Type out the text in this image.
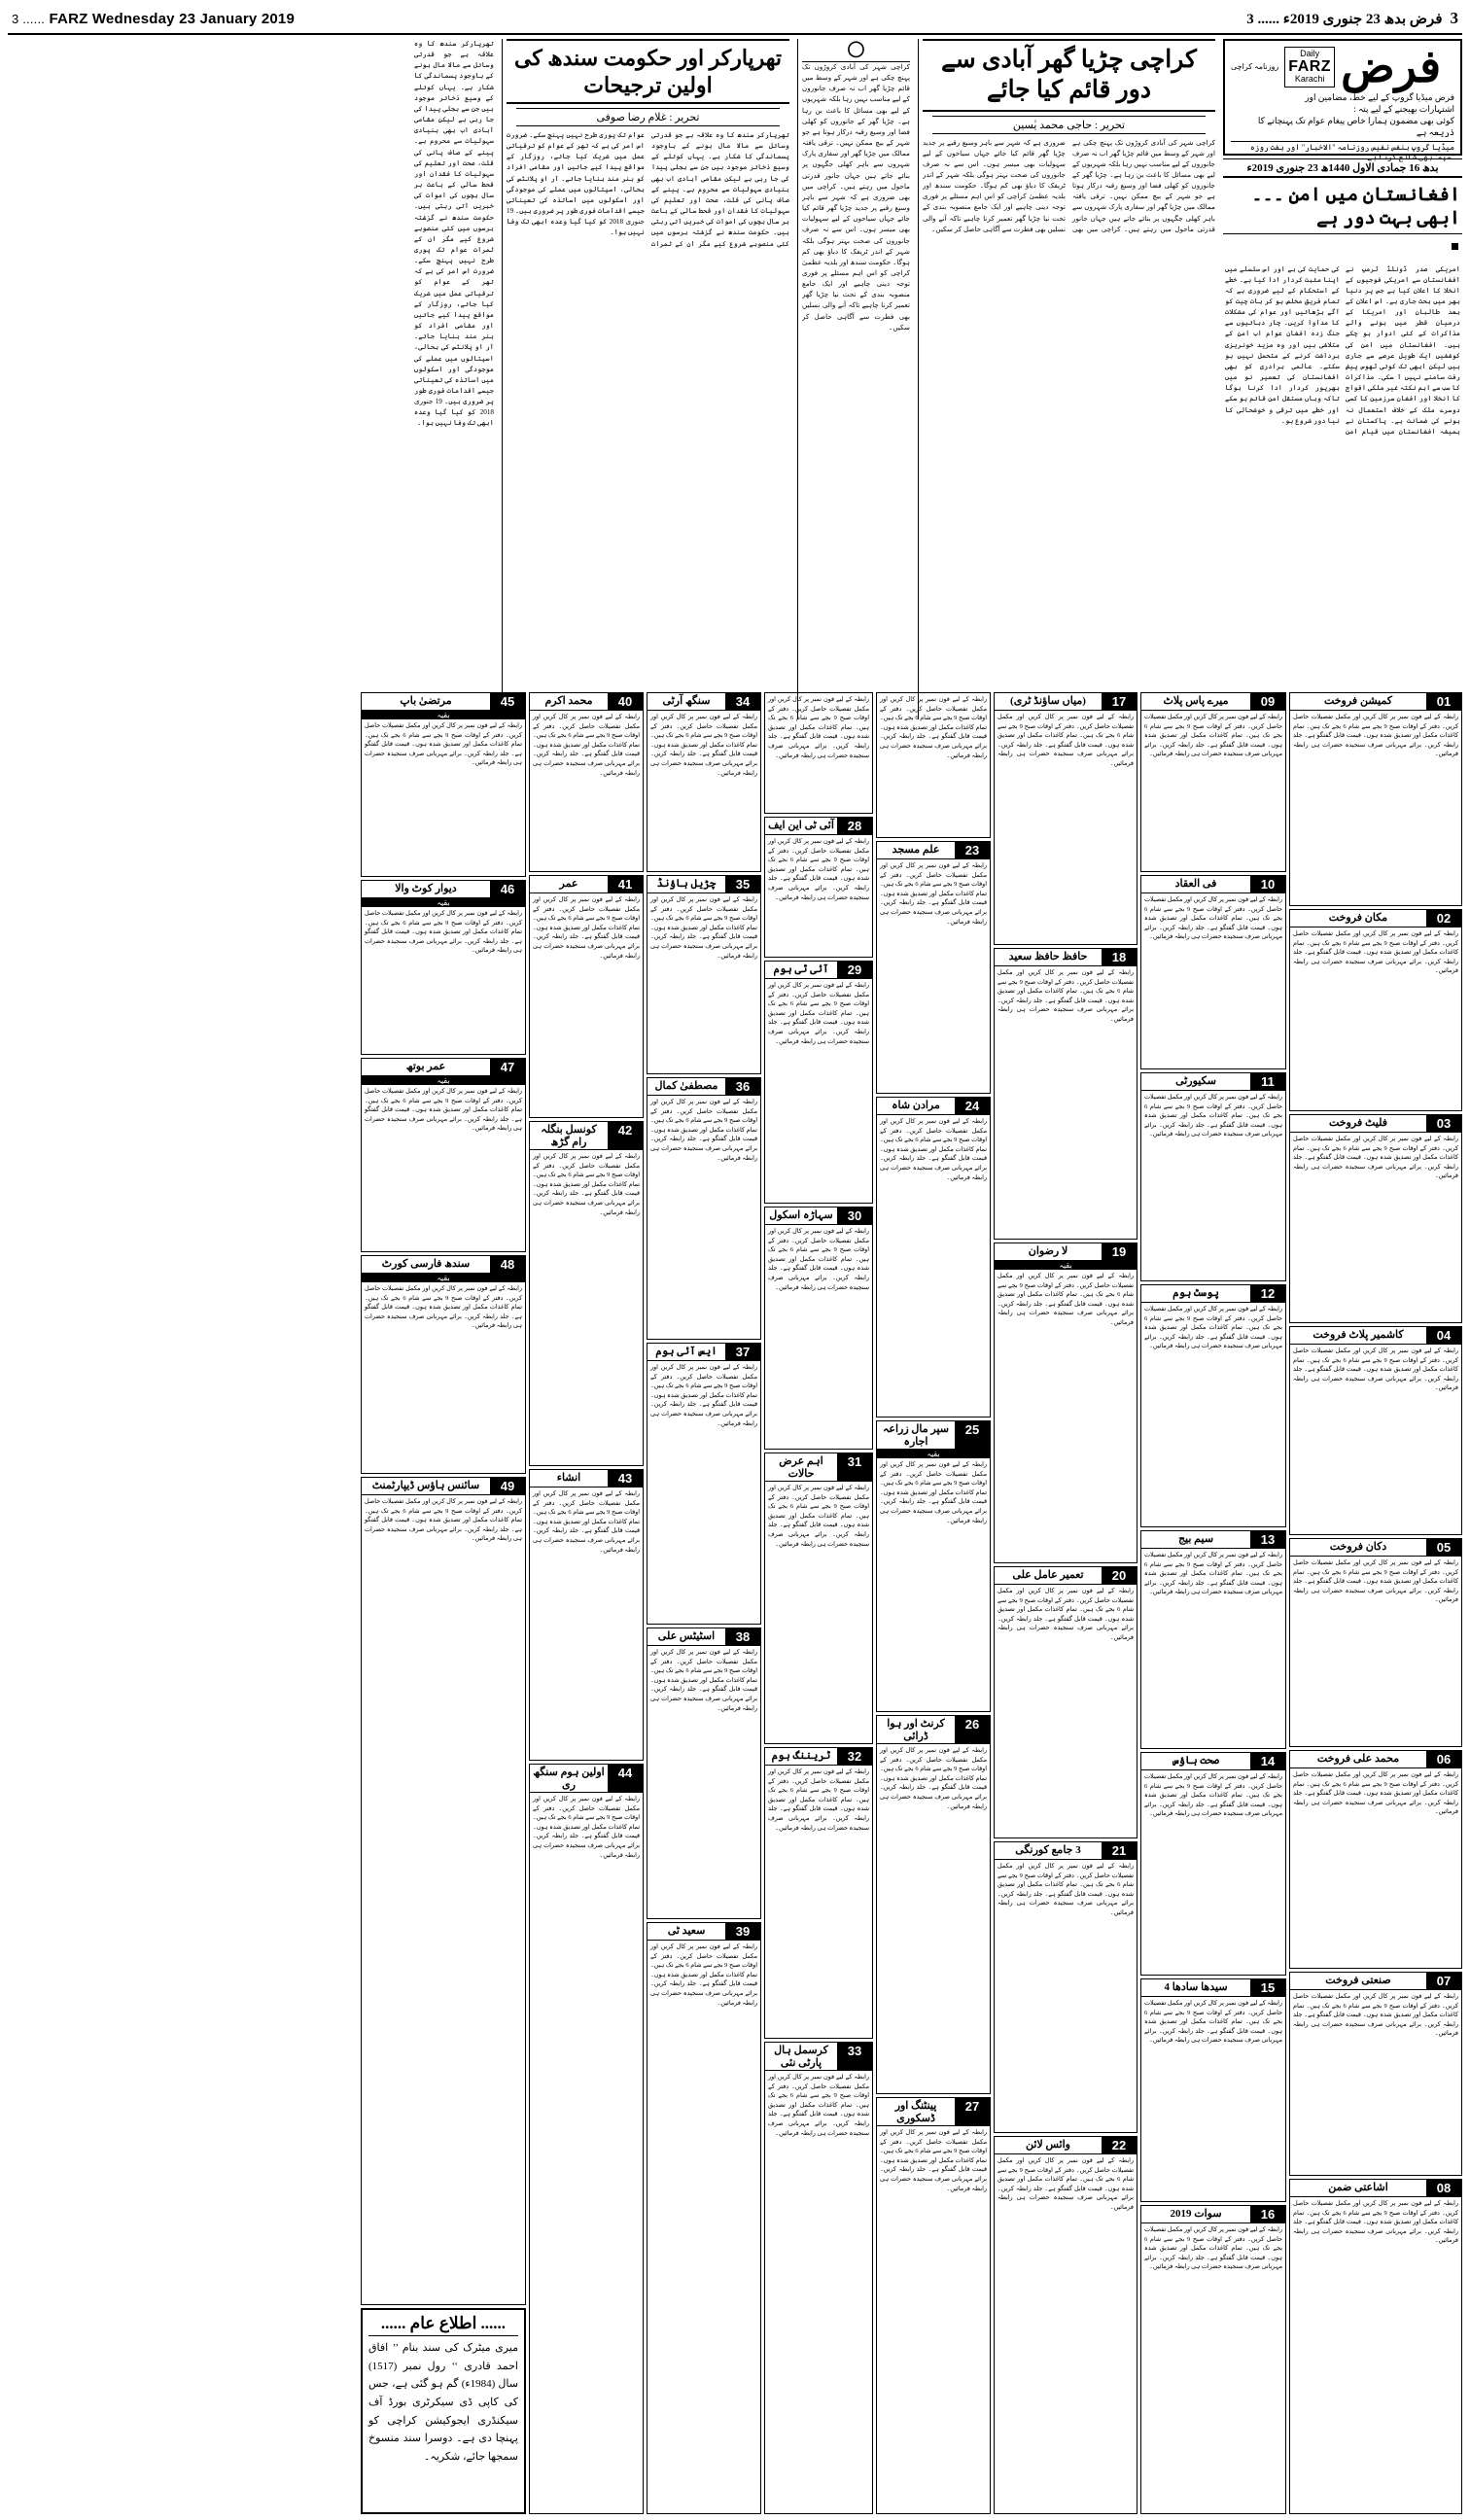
3 ...... FARZ Wednesday 23 January 2019	فرض بدھ 23 جنوری 2019ء ...... 3 3
فرض
Daily
FARZ
Karachi
روزنامہ کراچی
فرض میڈیا گروپ کے لیے خط، مضامین اور
اشتہارات بھیجنے کے لیے پتہ :
کوئی بھی مضمون ہمارا خاص پیغام عوام تک پہنچانے کا
ذریعہ ہے
میڈیا گروپ بنفس نفیس روزنامہ "الاخبار" اور ہفت روزہ "سپہ" بھی شائع کرتا ہے۔
بدھ 16 جمادی الاول 1440ھ 23 جنوری 2019ء
افغانستان میں امن ۔۔۔ ابھی بہت دور ہے
امریکی صدر ڈونلڈ ٹرمپ نے افغانستان سے امریکی فوجیوں کے انخلا کا اعلان کیا ہے جس پر دنیا بھر میں بحث جاری ہے۔ اس اعلان کے بعد طالبان اور امریکا کے درمیان قطر میں ہونے والے مذاکرات کے کئی ادوار ہو چکے ہیں۔ افغانستان میں امن کی کوششیں ایک طویل عرصے سے جاری ہیں لیکن ابھی تک کوئی ٹھوس پیش رفت سامنے نہیں آ سکی۔ مذاکرات کا سب سے اہم نکتہ غیر ملکی افواج کا انخلا اور افغان سرزمین کا کسی دوسرے ملک کے خلاف استعمال نہ ہونے کی ضمانت ہے۔ پاکستان نے ہمیشہ افغانستان میں قیام امن کی حمایت کی ہے اور اس سلسلے میں اپنا مثبت کردار ادا کیا ہے۔ خطے کے استحکام کے لیے ضروری ہے کہ تمام فریق مخلص ہو کر بات چیت کو آگے بڑھائیں اور عوام کی مشکلات کا مداوا کریں۔ چار دہائیوں سے جنگ زدہ افغان عوام اب امن کے متلاشی ہیں اور وہ مزید خونریزی برداشت کرنے کے متحمل نہیں ہو سکتے۔ عالمی برادری کو بھی افغانستان کی تعمیر نو میں بھرپور کردار ادا کرنا ہوگا تاکہ وہاں مستقل امن قائم ہو سکے اور خطے میں ترقی و خوشحالی کا نیا دور شروع ہو۔
کراچی چڑیا گھر آبادی سے دور قائم کیا جائے
تحریر : حاجی محمد یٰسین
کراچی شہر کی آبادی کروڑوں تک پہنچ چکی ہے اور شہر کے وسط میں قائم چڑیا گھر اب نہ صرف جانوروں کے لیے مناسب نہیں رہا بلکہ شہریوں کے لیے بھی مسائل کا باعث بن رہا ہے۔ چڑیا گھر کے جانوروں کو کھلی فضا اور وسیع رقبہ درکار ہوتا ہے جو شہر کے بیچ ممکن نہیں۔ ترقی یافتہ ممالک میں چڑیا گھر اور سفاری پارک شہروں سے باہر کھلی جگہوں پر بنائے جاتے ہیں جہاں جانور قدرتی ماحول میں رہتے ہیں۔ کراچی میں بھی ضروری ہے کہ شہر سے باہر وسیع رقبے پر جدید چڑیا گھر قائم کیا جائے جہاں سیاحوں کے لیے سہولیات بھی میسر ہوں۔ اس سے نہ صرف جانوروں کی صحت بہتر ہوگی بلکہ شہر کے اندر ٹریفک کا دباؤ بھی کم ہوگا۔ حکومت سندھ اور بلدیہ عظمیٰ کراچی کو اس اہم مسئلے پر فوری توجہ دینی چاہیے اور ایک جامع منصوبہ بندی کے تحت نیا چڑیا گھر تعمیر کرنا چاہیے تاکہ آنے والی نسلیں بھی فطرت سے آگاہی حاصل کر سکیں۔
◯
کراچی شہر کی آبادی کروڑوں تک پہنچ چکی ہے اور شہر کے وسط میں قائم چڑیا گھر اب نہ صرف جانوروں کے لیے مناسب نہیں رہا بلکہ شہریوں کے لیے بھی مسائل کا باعث بن رہا ہے۔ چڑیا گھر کے جانوروں کو کھلی فضا اور وسیع رقبہ درکار ہوتا ہے جو شہر کے بیچ ممکن نہیں۔ ترقی یافتہ ممالک میں چڑیا گھر اور سفاری پارک شہروں سے باہر کھلی جگہوں پر بنائے جاتے ہیں جہاں جانور قدرتی ماحول میں رہتے ہیں۔ کراچی میں بھی ضروری ہے کہ شہر سے باہر وسیع رقبے پر جدید چڑیا گھر قائم کیا جائے جہاں سیاحوں کے لیے سہولیات بھی میسر ہوں۔ اس سے نہ صرف جانوروں کی صحت بہتر ہوگی بلکہ شہر کے اندر ٹریفک کا دباؤ بھی کم ہوگا۔ حکومت سندھ اور بلدیہ عظمیٰ کراچی کو اس اہم مسئلے پر فوری توجہ دینی چاہیے اور ایک جامع منصوبہ بندی کے تحت نیا چڑیا گھر تعمیر کرنا چاہیے تاکہ آنے والی نسلیں بھی فطرت سے آگاہی حاصل کر سکیں۔
تھرپارکر اور حکومت سندھ کی اولین ترجیحات
تحریر : غلام رضا صوفی
تھرپارکر سندھ کا وہ علاقہ ہے جو قدرتی وسائل سے مالا مال ہونے کے باوجود پسماندگی کا شکار ہے۔ یہاں کوئلے کے وسیع ذخائر موجود ہیں جن سے بجلی پیدا کی جا رہی ہے لیکن مقامی آبادی اب بھی بنیادی سہولیات سے محروم ہے۔ پینے کے صاف پانی کی قلت، صحت اور تعلیم کی سہولیات کا فقدان اور قحط سالی کے باعث ہر سال بچوں کی اموات کی خبریں آتی رہتی ہیں۔ حکومت سندھ نے گزشتہ برسوں میں کئی منصوبے شروع کیے مگر ان کے ثمرات عوام تک پوری طرح نہیں پہنچ سکے۔ ضرورت اس امر کی ہے کہ تھر کے عوام کو ترقیاتی عمل میں شریک کیا جائے، روزگار کے مواقع پیدا کیے جائیں اور مقامی افراد کو ہنر مند بنایا جائے۔ آر او پلانٹس کی بحالی، اسپتالوں میں عملے کی موجودگی اور اسکولوں میں اساتذہ کی تعیناتی جیسے اقدامات فوری طور پر ضروری ہیں۔ 19 جنوری 2018 کو کیا گیا وعدہ ابھی تک وفا نہیں ہوا۔
تھرپارکر سندھ کا وہ علاقہ ہے جو قدرتی وسائل سے مالا مال ہونے کے باوجود پسماندگی کا شکار ہے۔ یہاں کوئلے کے وسیع ذخائر موجود ہیں جن سے بجلی پیدا کی جا رہی ہے لیکن مقامی آبادی اب بھی بنیادی سہولیات سے محروم ہے۔ پینے کے صاف پانی کی قلت، صحت اور تعلیم کی سہولیات کا فقدان اور قحط سالی کے باعث ہر سال بچوں کی اموات کی خبریں آتی رہتی ہیں۔ حکومت سندھ نے گزشتہ برسوں میں کئی منصوبے شروع کیے مگر ان کے ثمرات عوام تک پوری طرح نہیں پہنچ سکے۔ ضرورت اس امر کی ہے کہ تھر کے عوام کو ترقیاتی عمل میں شریک کیا جائے، روزگار کے مواقع پیدا کیے جائیں اور مقامی افراد کو ہنر مند بنایا جائے۔ آر او پلانٹس کی بحالی، اسپتالوں میں عملے کی موجودگی اور اسکولوں میں اساتذہ کی تعیناتی جیسے اقدامات فوری طور پر ضروری ہیں۔ 19 جنوری 2018 کو کیا گیا وعدہ ابھی تک وفا نہیں ہوا۔
01
کمیشن فروخت
رابطہ کے لیے فون نمبر پر کال کریں اور مکمل تفصیلات حاصل کریں۔ دفتر کے اوقات صبح 9 بجے سے شام 6 بجے تک ہیں۔ تمام کاغذات مکمل اور تصدیق شدہ ہوں۔ قیمت قابل گفتگو ہے۔ جلد رابطہ کریں۔ برائے مہربانی صرف سنجیدہ حضرات ہی رابطہ فرمائیں۔
02
مکان فروخت
رابطہ کے لیے فون نمبر پر کال کریں اور مکمل تفصیلات حاصل کریں۔ دفتر کے اوقات صبح 9 بجے سے شام 6 بجے تک ہیں۔ تمام کاغذات مکمل اور تصدیق شدہ ہوں۔ قیمت قابل گفتگو ہے۔ جلد رابطہ کریں۔ برائے مہربانی صرف سنجیدہ حضرات ہی رابطہ فرمائیں۔
03
فلیٹ فروخت
رابطہ کے لیے فون نمبر پر کال کریں اور مکمل تفصیلات حاصل کریں۔ دفتر کے اوقات صبح 9 بجے سے شام 6 بجے تک ہیں۔ تمام کاغذات مکمل اور تصدیق شدہ ہوں۔ قیمت قابل گفتگو ہے۔ جلد رابطہ کریں۔ برائے مہربانی صرف سنجیدہ حضرات ہی رابطہ فرمائیں۔
04
کاشمیر پلاٹ فروخت
رابطہ کے لیے فون نمبر پر کال کریں اور مکمل تفصیلات حاصل کریں۔ دفتر کے اوقات صبح 9 بجے سے شام 6 بجے تک ہیں۔ تمام کاغذات مکمل اور تصدیق شدہ ہوں۔ قیمت قابل گفتگو ہے۔ جلد رابطہ کریں۔ برائے مہربانی صرف سنجیدہ حضرات ہی رابطہ فرمائیں۔
05
دکان فروخت
رابطہ کے لیے فون نمبر پر کال کریں اور مکمل تفصیلات حاصل کریں۔ دفتر کے اوقات صبح 9 بجے سے شام 6 بجے تک ہیں۔ تمام کاغذات مکمل اور تصدیق شدہ ہوں۔ قیمت قابل گفتگو ہے۔ جلد رابطہ کریں۔ برائے مہربانی صرف سنجیدہ حضرات ہی رابطہ فرمائیں۔
06
محمد علی فروخت
رابطہ کے لیے فون نمبر پر کال کریں اور مکمل تفصیلات حاصل کریں۔ دفتر کے اوقات صبح 9 بجے سے شام 6 بجے تک ہیں۔ تمام کاغذات مکمل اور تصدیق شدہ ہوں۔ قیمت قابل گفتگو ہے۔ جلد رابطہ کریں۔ برائے مہربانی صرف سنجیدہ حضرات ہی رابطہ فرمائیں۔
07
صنعتی فروخت
رابطہ کے لیے فون نمبر پر کال کریں اور مکمل تفصیلات حاصل کریں۔ دفتر کے اوقات صبح 9 بجے سے شام 6 بجے تک ہیں۔ تمام کاغذات مکمل اور تصدیق شدہ ہوں۔ قیمت قابل گفتگو ہے۔ جلد رابطہ کریں۔ برائے مہربانی صرف سنجیدہ حضرات ہی رابطہ فرمائیں۔
08
اشاعتی ضمن
رابطہ کے لیے فون نمبر پر کال کریں اور مکمل تفصیلات حاصل کریں۔ دفتر کے اوقات صبح 9 بجے سے شام 6 بجے تک ہیں۔ تمام کاغذات مکمل اور تصدیق شدہ ہوں۔ قیمت قابل گفتگو ہے۔ جلد رابطہ کریں۔ برائے مہربانی صرف سنجیدہ حضرات ہی رابطہ فرمائیں۔
09
میرے پاس پلاٹ
رابطہ کے لیے فون نمبر پر کال کریں اور مکمل تفصیلات حاصل کریں۔ دفتر کے اوقات صبح 9 بجے سے شام 6 بجے تک ہیں۔ تمام کاغذات مکمل اور تصدیق شدہ ہوں۔ قیمت قابل گفتگو ہے۔ جلد رابطہ کریں۔ برائے مہربانی صرف سنجیدہ حضرات ہی رابطہ فرمائیں۔
10
فی العقاد
رابطہ کے لیے فون نمبر پر کال کریں اور مکمل تفصیلات حاصل کریں۔ دفتر کے اوقات صبح 9 بجے سے شام 6 بجے تک ہیں۔ تمام کاغذات مکمل اور تصدیق شدہ ہوں۔ قیمت قابل گفتگو ہے۔ جلد رابطہ کریں۔ برائے مہربانی صرف سنجیدہ حضرات ہی رابطہ فرمائیں۔
11
سکیورٹی
رابطہ کے لیے فون نمبر پر کال کریں اور مکمل تفصیلات حاصل کریں۔ دفتر کے اوقات صبح 9 بجے سے شام 6 بجے تک ہیں۔ تمام کاغذات مکمل اور تصدیق شدہ ہوں۔ قیمت قابل گفتگو ہے۔ جلد رابطہ کریں۔ برائے مہربانی صرف سنجیدہ حضرات ہی رابطہ فرمائیں۔
12
پوسٹ ہوم
رابطہ کے لیے فون نمبر پر کال کریں اور مکمل تفصیلات حاصل کریں۔ دفتر کے اوقات صبح 9 بجے سے شام 6 بجے تک ہیں۔ تمام کاغذات مکمل اور تصدیق شدہ ہوں۔ قیمت قابل گفتگو ہے۔ جلد رابطہ کریں۔ برائے مہربانی صرف سنجیدہ حضرات ہی رابطہ فرمائیں۔
13
سیم بیج
رابطہ کے لیے فون نمبر پر کال کریں اور مکمل تفصیلات حاصل کریں۔ دفتر کے اوقات صبح 9 بجے سے شام 6 بجے تک ہیں۔ تمام کاغذات مکمل اور تصدیق شدہ ہوں۔ قیمت قابل گفتگو ہے۔ جلد رابطہ کریں۔ برائے مہربانی صرف سنجیدہ حضرات ہی رابطہ فرمائیں۔
14
صحت ہاؤس
رابطہ کے لیے فون نمبر پر کال کریں اور مکمل تفصیلات حاصل کریں۔ دفتر کے اوقات صبح 9 بجے سے شام 6 بجے تک ہیں۔ تمام کاغذات مکمل اور تصدیق شدہ ہوں۔ قیمت قابل گفتگو ہے۔ جلد رابطہ کریں۔ برائے مہربانی صرف سنجیدہ حضرات ہی رابطہ فرمائیں۔
15
سیدھا سادھا 4
رابطہ کے لیے فون نمبر پر کال کریں اور مکمل تفصیلات حاصل کریں۔ دفتر کے اوقات صبح 9 بجے سے شام 6 بجے تک ہیں۔ تمام کاغذات مکمل اور تصدیق شدہ ہوں۔ قیمت قابل گفتگو ہے۔ جلد رابطہ کریں۔ برائے مہربانی صرف سنجیدہ حضرات ہی رابطہ فرمائیں۔
16
سوات 2019
رابطہ کے لیے فون نمبر پر کال کریں اور مکمل تفصیلات حاصل کریں۔ دفتر کے اوقات صبح 9 بجے سے شام 6 بجے تک ہیں۔ تمام کاغذات مکمل اور تصدیق شدہ ہوں۔ قیمت قابل گفتگو ہے۔ جلد رابطہ کریں۔ برائے مہربانی صرف سنجیدہ حضرات ہی رابطہ فرمائیں۔
17
(میاں ساؤنڈ ٹری)
رابطہ کے لیے فون نمبر پر کال کریں اور مکمل تفصیلات حاصل کریں۔ دفتر کے اوقات صبح 9 بجے سے شام 6 بجے تک ہیں۔ تمام کاغذات مکمل اور تصدیق شدہ ہوں۔ قیمت قابل گفتگو ہے۔ جلد رابطہ کریں۔ برائے مہربانی صرف سنجیدہ حضرات ہی رابطہ فرمائیں۔
18
حافظ حافظ سعید
رابطہ کے لیے فون نمبر پر کال کریں اور مکمل تفصیلات حاصل کریں۔ دفتر کے اوقات صبح 9 بجے سے شام 6 بجے تک ہیں۔ تمام کاغذات مکمل اور تصدیق شدہ ہوں۔ قیمت قابل گفتگو ہے۔ جلد رابطہ کریں۔ برائے مہربانی صرف سنجیدہ حضرات ہی رابطہ فرمائیں۔
19
لا رضوان
بقیہ
رابطہ کے لیے فون نمبر پر کال کریں اور مکمل تفصیلات حاصل کریں۔ دفتر کے اوقات صبح 9 بجے سے شام 6 بجے تک ہیں۔ تمام کاغذات مکمل اور تصدیق شدہ ہوں۔ قیمت قابل گفتگو ہے۔ جلد رابطہ کریں۔ برائے مہربانی صرف سنجیدہ حضرات ہی رابطہ فرمائیں۔
20
تعمیر عامل علی
رابطہ کے لیے فون نمبر پر کال کریں اور مکمل تفصیلات حاصل کریں۔ دفتر کے اوقات صبح 9 بجے سے شام 6 بجے تک ہیں۔ تمام کاغذات مکمل اور تصدیق شدہ ہوں۔ قیمت قابل گفتگو ہے۔ جلد رابطہ کریں۔ برائے مہربانی صرف سنجیدہ حضرات ہی رابطہ فرمائیں۔
21
3 جامع کورنگی
رابطہ کے لیے فون نمبر پر کال کریں اور مکمل تفصیلات حاصل کریں۔ دفتر کے اوقات صبح 9 بجے سے شام 6 بجے تک ہیں۔ تمام کاغذات مکمل اور تصدیق شدہ ہوں۔ قیمت قابل گفتگو ہے۔ جلد رابطہ کریں۔ برائے مہربانی صرف سنجیدہ حضرات ہی رابطہ فرمائیں۔
22
وائس لائن
رابطہ کے لیے فون نمبر پر کال کریں اور مکمل تفصیلات حاصل کریں۔ دفتر کے اوقات صبح 9 بجے سے شام 6 بجے تک ہیں۔ تمام کاغذات مکمل اور تصدیق شدہ ہوں۔ قیمت قابل گفتگو ہے۔ جلد رابطہ کریں۔ برائے مہربانی صرف سنجیدہ حضرات ہی رابطہ فرمائیں۔
رابطہ کے لیے فون نمبر پر کال کریں اور مکمل تفصیلات حاصل کریں۔ دفتر کے اوقات صبح 9 بجے سے شام 6 بجے تک ہیں۔ تمام کاغذات مکمل اور تصدیق شدہ ہوں۔ قیمت قابل گفتگو ہے۔ جلد رابطہ کریں۔ برائے مہربانی صرف سنجیدہ حضرات ہی رابطہ فرمائیں۔
23
علم مسجد
رابطہ کے لیے فون نمبر پر کال کریں اور مکمل تفصیلات حاصل کریں۔ دفتر کے اوقات صبح 9 بجے سے شام 6 بجے تک ہیں۔ تمام کاغذات مکمل اور تصدیق شدہ ہوں۔ قیمت قابل گفتگو ہے۔ جلد رابطہ کریں۔ برائے مہربانی صرف سنجیدہ حضرات ہی رابطہ فرمائیں۔
24
مرادن شاہ
رابطہ کے لیے فون نمبر پر کال کریں اور مکمل تفصیلات حاصل کریں۔ دفتر کے اوقات صبح 9 بجے سے شام 6 بجے تک ہیں۔ تمام کاغذات مکمل اور تصدیق شدہ ہوں۔ قیمت قابل گفتگو ہے۔ جلد رابطہ کریں۔ برائے مہربانی صرف سنجیدہ حضرات ہی رابطہ فرمائیں۔
25
سپر مال زراعہ اجارہ
بقیہ
رابطہ کے لیے فون نمبر پر کال کریں اور مکمل تفصیلات حاصل کریں۔ دفتر کے اوقات صبح 9 بجے سے شام 6 بجے تک ہیں۔ تمام کاغذات مکمل اور تصدیق شدہ ہوں۔ قیمت قابل گفتگو ہے۔ جلد رابطہ کریں۔ برائے مہربانی صرف سنجیدہ حضرات ہی رابطہ فرمائیں۔
26
کرنٹ اور ہوا ڈرائی
رابطہ کے لیے فون نمبر پر کال کریں اور مکمل تفصیلات حاصل کریں۔ دفتر کے اوقات صبح 9 بجے سے شام 6 بجے تک ہیں۔ تمام کاغذات مکمل اور تصدیق شدہ ہوں۔ قیمت قابل گفتگو ہے۔ جلد رابطہ کریں۔ برائے مہربانی صرف سنجیدہ حضرات ہی رابطہ فرمائیں۔
27
پینٹنگ اور ڈسکوری
رابطہ کے لیے فون نمبر پر کال کریں اور مکمل تفصیلات حاصل کریں۔ دفتر کے اوقات صبح 9 بجے سے شام 6 بجے تک ہیں۔ تمام کاغذات مکمل اور تصدیق شدہ ہوں۔ قیمت قابل گفتگو ہے۔ جلد رابطہ کریں۔ برائے مہربانی صرف سنجیدہ حضرات ہی رابطہ فرمائیں۔
رابطہ کے لیے فون نمبر پر کال کریں اور مکمل تفصیلات حاصل کریں۔ دفتر کے اوقات صبح 9 بجے سے شام 6 بجے تک ہیں۔ تمام کاغذات مکمل اور تصدیق شدہ ہوں۔ قیمت قابل گفتگو ہے۔ جلد رابطہ کریں۔ برائے مہربانی صرف سنجیدہ حضرات ہی رابطہ فرمائیں۔
28
آئی ٹی این ایف
رابطہ کے لیے فون نمبر پر کال کریں اور مکمل تفصیلات حاصل کریں۔ دفتر کے اوقات صبح 9 بجے سے شام 6 بجے تک ہیں۔ تمام کاغذات مکمل اور تصدیق شدہ ہوں۔ قیمت قابل گفتگو ہے۔ جلد رابطہ کریں۔ برائے مہربانی صرف سنجیدہ حضرات ہی رابطہ فرمائیں۔
29
آئی ٹی ہوم
رابطہ کے لیے فون نمبر پر کال کریں اور مکمل تفصیلات حاصل کریں۔ دفتر کے اوقات صبح 9 بجے سے شام 6 بجے تک ہیں۔ تمام کاغذات مکمل اور تصدیق شدہ ہوں۔ قیمت قابل گفتگو ہے۔ جلد رابطہ کریں۔ برائے مہربانی صرف سنجیدہ حضرات ہی رابطہ فرمائیں۔
30
سہاڑہ اسکول
رابطہ کے لیے فون نمبر پر کال کریں اور مکمل تفصیلات حاصل کریں۔ دفتر کے اوقات صبح 9 بجے سے شام 6 بجے تک ہیں۔ تمام کاغذات مکمل اور تصدیق شدہ ہوں۔ قیمت قابل گفتگو ہے۔ جلد رابطہ کریں۔ برائے مہربانی صرف سنجیدہ حضرات ہی رابطہ فرمائیں۔
31
اہم عرض حالات
رابطہ کے لیے فون نمبر پر کال کریں اور مکمل تفصیلات حاصل کریں۔ دفتر کے اوقات صبح 9 بجے سے شام 6 بجے تک ہیں۔ تمام کاغذات مکمل اور تصدیق شدہ ہوں۔ قیمت قابل گفتگو ہے۔ جلد رابطہ کریں۔ برائے مہربانی صرف سنجیدہ حضرات ہی رابطہ فرمائیں۔
32
ٹریننگ ہوم
رابطہ کے لیے فون نمبر پر کال کریں اور مکمل تفصیلات حاصل کریں۔ دفتر کے اوقات صبح 9 بجے سے شام 6 بجے تک ہیں۔ تمام کاغذات مکمل اور تصدیق شدہ ہوں۔ قیمت قابل گفتگو ہے۔ جلد رابطہ کریں۔ برائے مہربانی صرف سنجیدہ حضرات ہی رابطہ فرمائیں۔
33
کرسمل ہال پارٹی نئی
رابطہ کے لیے فون نمبر پر کال کریں اور مکمل تفصیلات حاصل کریں۔ دفتر کے اوقات صبح 9 بجے سے شام 6 بجے تک ہیں۔ تمام کاغذات مکمل اور تصدیق شدہ ہوں۔ قیمت قابل گفتگو ہے۔ جلد رابطہ کریں۔ برائے مہربانی صرف سنجیدہ حضرات ہی رابطہ فرمائیں۔
34
سنگھ آرٹی
رابطہ کے لیے فون نمبر پر کال کریں اور مکمل تفصیلات حاصل کریں۔ دفتر کے اوقات صبح 9 بجے سے شام 6 بجے تک ہیں۔ تمام کاغذات مکمل اور تصدیق شدہ ہوں۔ قیمت قابل گفتگو ہے۔ جلد رابطہ کریں۔ برائے مہربانی صرف سنجیدہ حضرات ہی رابطہ فرمائیں۔
35
چڑیل ہاؤنڈ
رابطہ کے لیے فون نمبر پر کال کریں اور مکمل تفصیلات حاصل کریں۔ دفتر کے اوقات صبح 9 بجے سے شام 6 بجے تک ہیں۔ تمام کاغذات مکمل اور تصدیق شدہ ہوں۔ قیمت قابل گفتگو ہے۔ جلد رابطہ کریں۔ برائے مہربانی صرف سنجیدہ حضرات ہی رابطہ فرمائیں۔
36
مصطفیٰ کمال
رابطہ کے لیے فون نمبر پر کال کریں اور مکمل تفصیلات حاصل کریں۔ دفتر کے اوقات صبح 9 بجے سے شام 6 بجے تک ہیں۔ تمام کاغذات مکمل اور تصدیق شدہ ہوں۔ قیمت قابل گفتگو ہے۔ جلد رابطہ کریں۔ برائے مہربانی صرف سنجیدہ حضرات ہی رابطہ فرمائیں۔
37
ایس آئی ہوم
رابطہ کے لیے فون نمبر پر کال کریں اور مکمل تفصیلات حاصل کریں۔ دفتر کے اوقات صبح 9 بجے سے شام 6 بجے تک ہیں۔ تمام کاغذات مکمل اور تصدیق شدہ ہوں۔ قیمت قابل گفتگو ہے۔ جلد رابطہ کریں۔ برائے مہربانی صرف سنجیدہ حضرات ہی رابطہ فرمائیں۔
38
اسٹیٹس علی
رابطہ کے لیے فون نمبر پر کال کریں اور مکمل تفصیلات حاصل کریں۔ دفتر کے اوقات صبح 9 بجے سے شام 6 بجے تک ہیں۔ تمام کاغذات مکمل اور تصدیق شدہ ہوں۔ قیمت قابل گفتگو ہے۔ جلد رابطہ کریں۔ برائے مہربانی صرف سنجیدہ حضرات ہی رابطہ فرمائیں۔
39
سعید ٹی
رابطہ کے لیے فون نمبر پر کال کریں اور مکمل تفصیلات حاصل کریں۔ دفتر کے اوقات صبح 9 بجے سے شام 6 بجے تک ہیں۔ تمام کاغذات مکمل اور تصدیق شدہ ہوں۔ قیمت قابل گفتگو ہے۔ جلد رابطہ کریں۔ برائے مہربانی صرف سنجیدہ حضرات ہی رابطہ فرمائیں۔
40
محمد اکرم
رابطہ کے لیے فون نمبر پر کال کریں اور مکمل تفصیلات حاصل کریں۔ دفتر کے اوقات صبح 9 بجے سے شام 6 بجے تک ہیں۔ تمام کاغذات مکمل اور تصدیق شدہ ہوں۔ قیمت قابل گفتگو ہے۔ جلد رابطہ کریں۔ برائے مہربانی صرف سنجیدہ حضرات ہی رابطہ فرمائیں۔
41
عمر
رابطہ کے لیے فون نمبر پر کال کریں اور مکمل تفصیلات حاصل کریں۔ دفتر کے اوقات صبح 9 بجے سے شام 6 بجے تک ہیں۔ تمام کاغذات مکمل اور تصدیق شدہ ہوں۔ قیمت قابل گفتگو ہے۔ جلد رابطہ کریں۔ برائے مہربانی صرف سنجیدہ حضرات ہی رابطہ فرمائیں۔
42
کونسل بنگلہ رام گڑھ
رابطہ کے لیے فون نمبر پر کال کریں اور مکمل تفصیلات حاصل کریں۔ دفتر کے اوقات صبح 9 بجے سے شام 6 بجے تک ہیں۔ تمام کاغذات مکمل اور تصدیق شدہ ہوں۔ قیمت قابل گفتگو ہے۔ جلد رابطہ کریں۔ برائے مہربانی صرف سنجیدہ حضرات ہی رابطہ فرمائیں۔
43
انشاء
رابطہ کے لیے فون نمبر پر کال کریں اور مکمل تفصیلات حاصل کریں۔ دفتر کے اوقات صبح 9 بجے سے شام 6 بجے تک ہیں۔ تمام کاغذات مکمل اور تصدیق شدہ ہوں۔ قیمت قابل گفتگو ہے۔ جلد رابطہ کریں۔ برائے مہربانی صرف سنجیدہ حضرات ہی رابطہ فرمائیں۔
44
اولین ہوم سنگھ ری
رابطہ کے لیے فون نمبر پر کال کریں اور مکمل تفصیلات حاصل کریں۔ دفتر کے اوقات صبح 9 بجے سے شام 6 بجے تک ہیں۔ تمام کاغذات مکمل اور تصدیق شدہ ہوں۔ قیمت قابل گفتگو ہے۔ جلد رابطہ کریں۔ برائے مہربانی صرف سنجیدہ حضرات ہی رابطہ فرمائیں۔
45
مرتضیٰ باپ
بقیہ
رابطہ کے لیے فون نمبر پر کال کریں اور مکمل تفصیلات حاصل کریں۔ دفتر کے اوقات صبح 9 بجے سے شام 6 بجے تک ہیں۔ تمام کاغذات مکمل اور تصدیق شدہ ہوں۔ قیمت قابل گفتگو ہے۔ جلد رابطہ کریں۔ برائے مہربانی صرف سنجیدہ حضرات ہی رابطہ فرمائیں۔
46
دیوار کوٹ والا
بقیہ
رابطہ کے لیے فون نمبر پر کال کریں اور مکمل تفصیلات حاصل کریں۔ دفتر کے اوقات صبح 9 بجے سے شام 6 بجے تک ہیں۔ تمام کاغذات مکمل اور تصدیق شدہ ہوں۔ قیمت قابل گفتگو ہے۔ جلد رابطہ کریں۔ برائے مہربانی صرف سنجیدہ حضرات ہی رابطہ فرمائیں۔
47
عمر بوتھ
بقیہ
رابطہ کے لیے فون نمبر پر کال کریں اور مکمل تفصیلات حاصل کریں۔ دفتر کے اوقات صبح 9 بجے سے شام 6 بجے تک ہیں۔ تمام کاغذات مکمل اور تصدیق شدہ ہوں۔ قیمت قابل گفتگو ہے۔ جلد رابطہ کریں۔ برائے مہربانی صرف سنجیدہ حضرات ہی رابطہ فرمائیں۔
48
سندھ فارسی کورٹ
بقیہ
رابطہ کے لیے فون نمبر پر کال کریں اور مکمل تفصیلات حاصل کریں۔ دفتر کے اوقات صبح 9 بجے سے شام 6 بجے تک ہیں۔ تمام کاغذات مکمل اور تصدیق شدہ ہوں۔ قیمت قابل گفتگو ہے۔ جلد رابطہ کریں۔ برائے مہربانی صرف سنجیدہ حضرات ہی رابطہ فرمائیں۔
49
سائنس ہاؤس ڈیپارٹمنٹ
رابطہ کے لیے فون نمبر پر کال کریں اور مکمل تفصیلات حاصل کریں۔ دفتر کے اوقات صبح 9 بجے سے شام 6 بجے تک ہیں۔ تمام کاغذات مکمل اور تصدیق شدہ ہوں۔ قیمت قابل گفتگو ہے۔ جلد رابطہ کریں۔ برائے مہربانی صرف سنجیدہ حضرات ہی رابطہ فرمائیں۔
...... اطلاع عام ......
میری میٹرک کی سند بنام ’’ افاق احمد قادری ‘‘ رول نمبر (1517) سال (1984ء) گم ہو گئی ہے، جس کی کاپی ڈی سیکرٹری بورڈ آف سیکنڈری ایجوکیشن کراچی کو پہنچا دی ہے۔ دوسرا سند منسوخ سمجھا جائے، شکریہ۔
